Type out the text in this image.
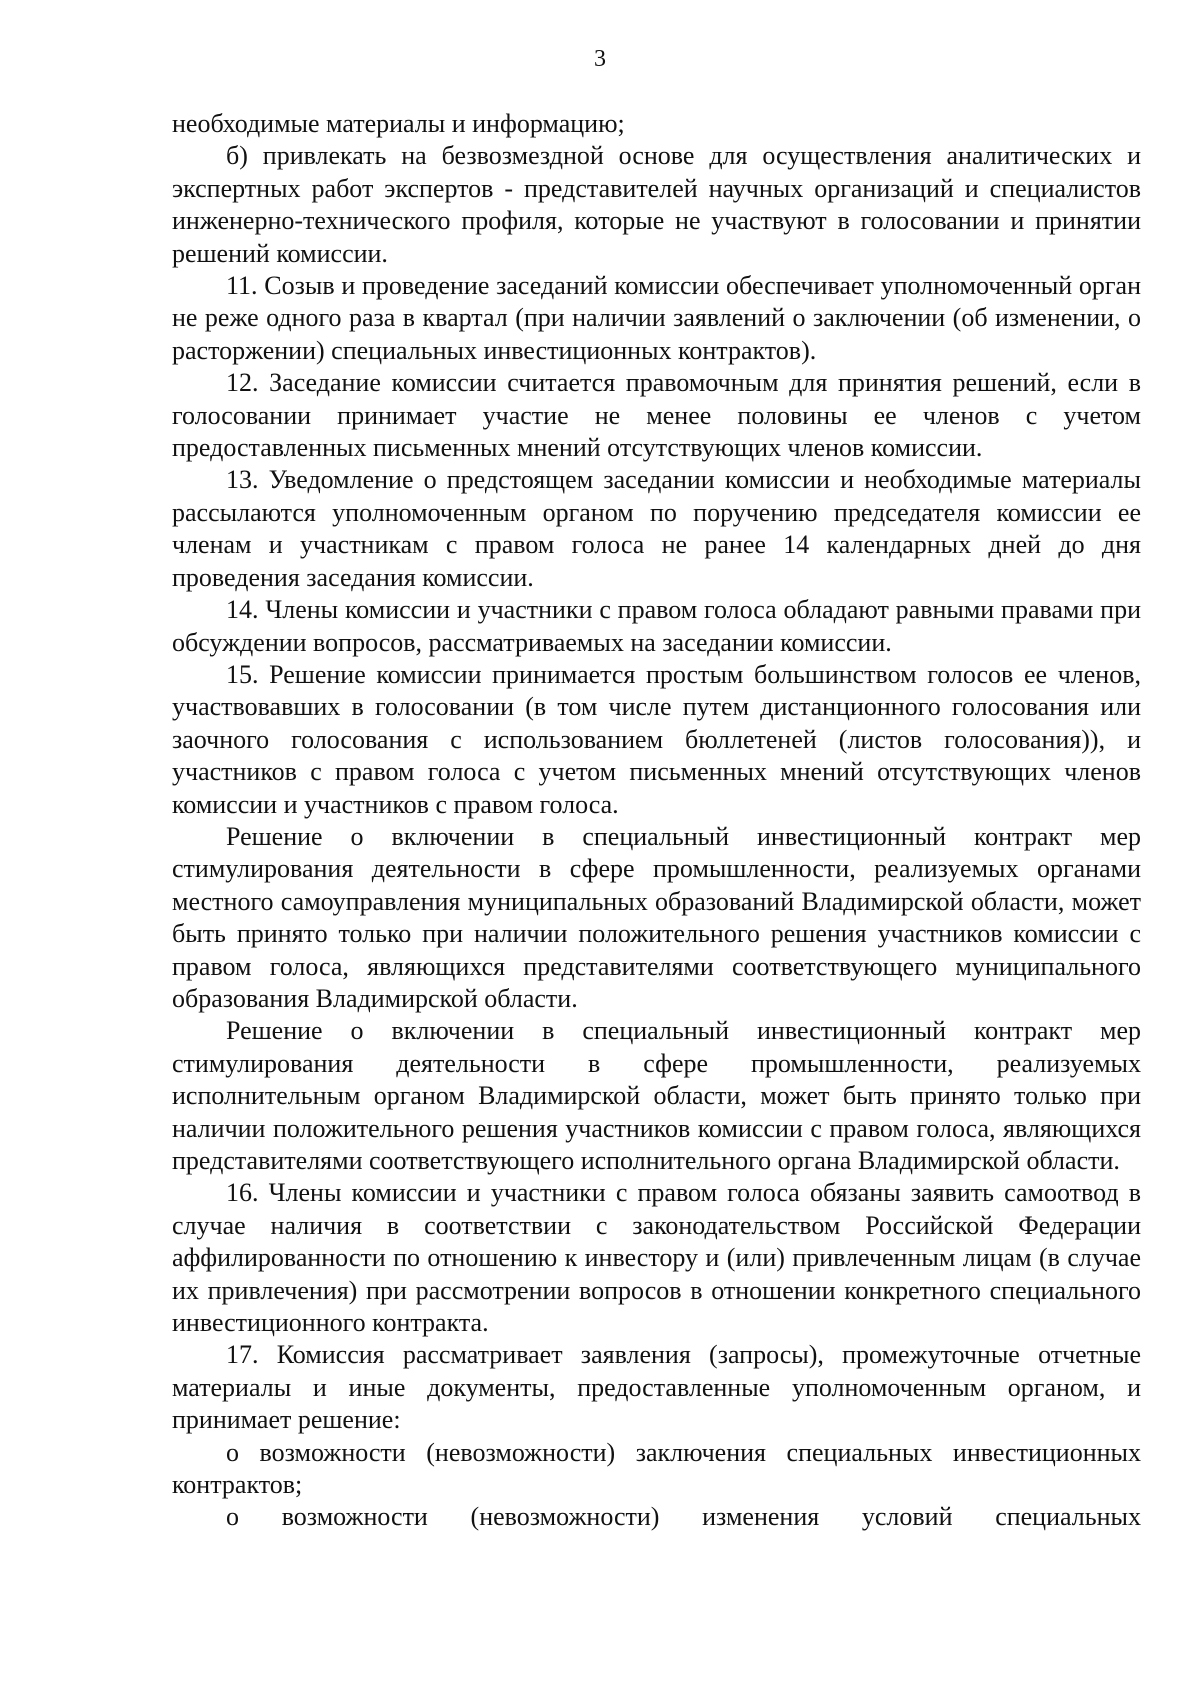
3

необходимые материалы и информацию;

б) привлекать на безвозмездной основе для осуществления аналитических и экспертных работ экспертов - представителей научных организаций и специалистов инженерно-технического профиля, которые не участвуют в голосовании и принятии решений комиссии.

11. Созыв и проведение заседаний комиссии обеспечивает уполномоченный орган не реже одного раза в квартал (при наличии заявлений о заключении (об изменении, о расторжении) специальных инвестиционных контрактов).

12. Заседание комиссии считается правомочным для принятия решений, если в голосовании принимает участие не менее половины ее членов с учетом предоставленных письменных мнений отсутствующих членов комиссии.

13. Уведомление о предстоящем заседании комиссии и необходимые материалы рассылаются уполномоченным органом по поручению председателя комиссии ее членам и участникам с правом голоса не ранее 14 календарных дней до дня проведения заседания комиссии.

14. Члены комиссии и участники с правом голоса обладают равными правами при обсуждении вопросов, рассматриваемых на заседании комиссии.

15. Решение комиссии принимается простым большинством голосов ее членов, участвовавших в голосовании (в том числе путем дистанционного голосования или заочного голосования с использованием бюллетеней (листов голосования)), и участников с правом голоса с учетом письменных мнений отсутствующих членов комиссии и участников с правом голоса.

Решение о включении в специальный инвестиционный контракт мер стимулирования деятельности в сфере промышленности, реализуемых органами местного самоуправления муниципальных образований Владимирской области, может быть принято только при наличии положительного решения участников комиссии с правом голоса, являющихся представителями соответствующего муниципального образования Владимирской области.

Решение о включении в специальный инвестиционный контракт мер стимулирования деятельности в сфере промышленности, реализуемых исполнительным органом Владимирской области, может быть принято только при наличии положительного решения участников комиссии с правом голоса, являющихся представителями соответствующего исполнительного органа Владимирской области.

16. Члены комиссии и участники с правом голоса обязаны заявить самоотвод в случае наличия в соответствии с законодательством Российской Федерации аффилированности по отношению к инвестору и (или) привлеченным лицам (в случае их привлечения) при рассмотрении вопросов в отношении конкретного специального инвестиционного контракта.

17. Комиссия рассматривает заявления (запросы), промежуточные отчетные материалы и иные документы, предоставленные уполномоченным органом, и принимает решение:

о возможности (невозможности) заключения специальных инвестиционных контрактов;

о возможности (невозможности) изменения условий специальных
